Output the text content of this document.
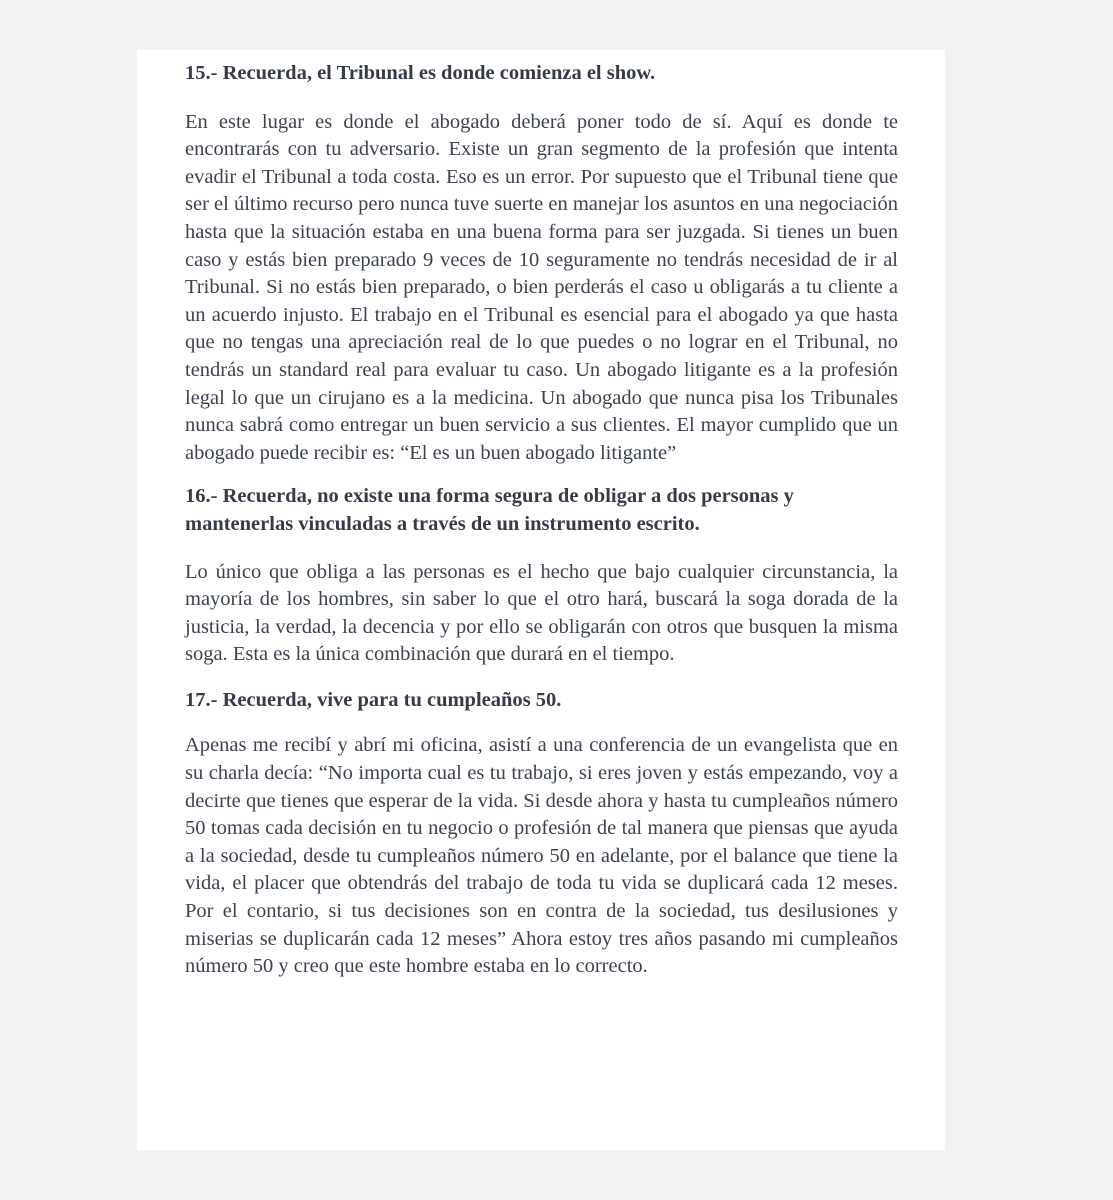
15.- Recuerda, el Tribunal es donde comienza el show.

En este lugar es donde el abogado deberá poner todo de sí. Aquí es donde te encontrarás con tu adversario. Existe un gran segmento de la profesión que intenta evadir el Tribunal a toda costa. Eso es un error. Por supuesto que el Tribunal tiene que ser el último recurso pero nunca tuve suerte en manejar los asuntos en una negociación hasta que la situación estaba en una buena forma para ser juzgada. Si tienes un buen caso y estás bien preparado 9 veces de 10 seguramente no tendrás necesidad de ir al Tribunal. Si no estás bien preparado, o bien perderás el caso u obligarás a tu cliente a un acuerdo injusto. El trabajo en el Tribunal es esencial para el abogado ya que hasta que no tengas una apreciación real de lo que puedes o no lograr en el Tribunal, no tendrás un standard real para evaluar tu caso. Un abogado litigante es a la profesión legal lo que un cirujano es a la medicina. Un abogado que nunca pisa los Tribunales nunca sabrá como entregar un buen servicio a sus clientes. El mayor cumplido que un abogado puede recibir es: “El es un buen abogado litigante”

16.- Recuerda, no existe una forma segura de obligar a dos personas y mantenerlas vinculadas a través de un instrumento escrito.

Lo único que obliga a las personas es el hecho que bajo cualquier circunstancia, la mayoría de los hombres, sin saber lo que el otro hará, buscará la soga dorada de la justicia, la verdad, la decencia y por ello se obligarán con otros que busquen la misma soga. Esta es la única combinación que durará en el tiempo.

17.- Recuerda, vive para tu cumpleaños 50.

Apenas me recibí y abrí mi oficina, asistí a una conferencia de un evangelista que en su charla decía: “No importa cual es tu trabajo, si eres joven y estás empezando, voy a decirte que tienes que esperar de la vida. Si desde ahora y hasta tu cumpleaños número 50 tomas cada decisión en tu negocio o profesión de tal manera que piensas que ayuda a la sociedad, desde tu cumpleaños número 50 en adelante, por el balance que tiene la vida, el placer que obtendrás del trabajo de toda tu vida se duplicará cada 12 meses. Por el contario, si tus decisiones son en contra de la sociedad, tus desilusiones y miserias se duplicarán cada 12 meses” Ahora estoy tres años pasando mi cumpleaños número 50 y creo que este hombre estaba en lo correcto.
